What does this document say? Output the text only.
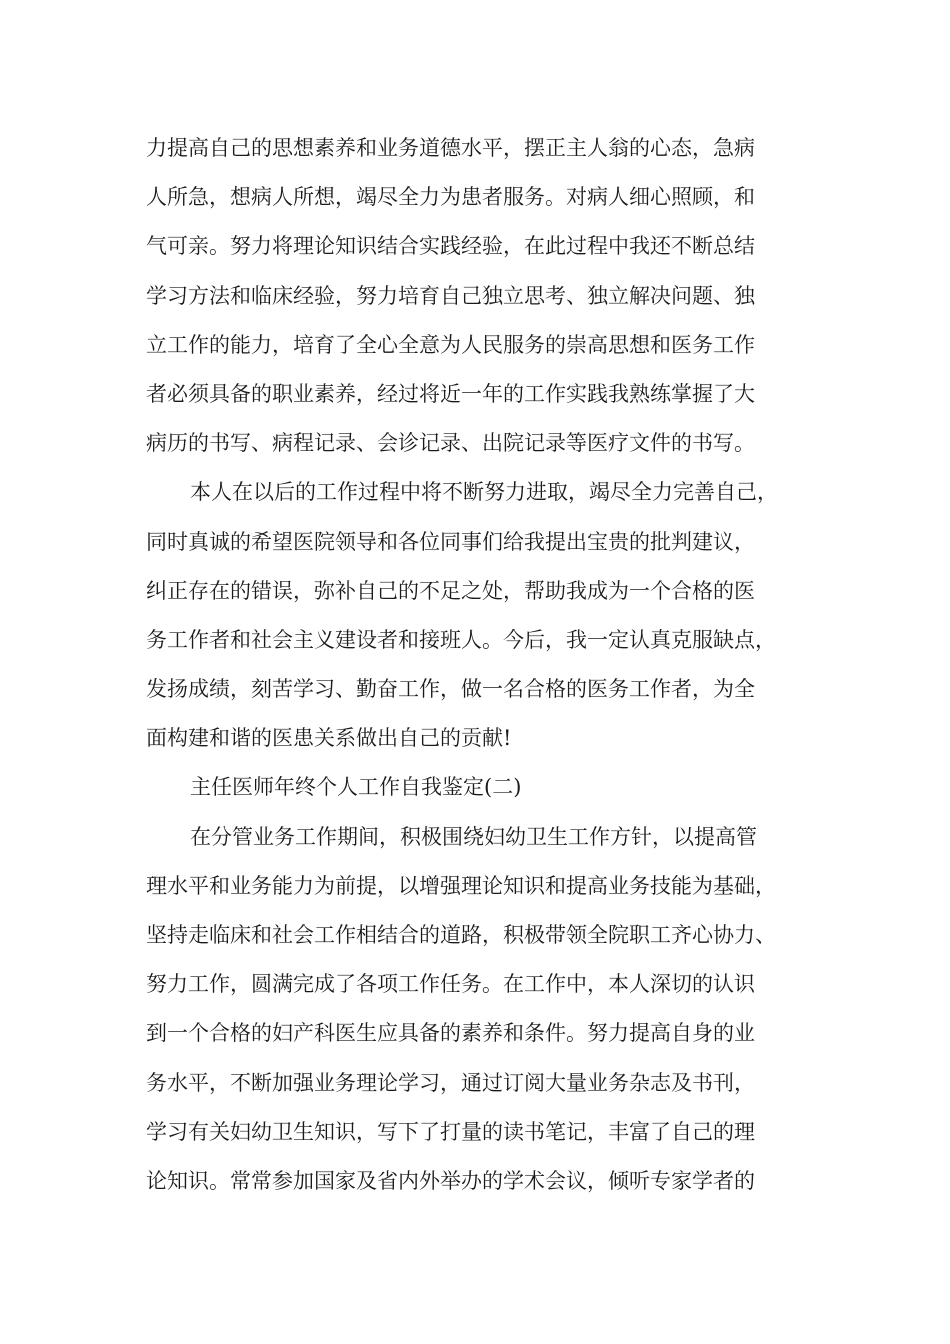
力提高自己的思想素养和业务道德水平，摆正主人翁的心态，急病
人所急，想病人所想，竭尽全力为患者服务。对病人细心照顾，和
气可亲。努力将理论知识结合实践经验，在此过程中我还不断总结
学习方法和临床经验，努力培育自己独立思考、独立解决问题、独
立工作的能力，培育了全心全意为人民服务的崇高思想和医务工作
者必须具备的职业素养，经过将近一年的工作实践我熟练掌握了大
病历的书写、病程记录、会诊记录、出院记录等医疗文件的书写。
本人在以后的工作过程中将不断努力进取，竭尽全力完善自己，
同时真诚的希望医院领导和各位同事们给我提出宝贵的批判建议，
纠正存在的错误，弥补自己的不足之处，帮助我成为一个合格的医
务工作者和社会主义建设者和接班人。今后，我一定认真克服缺点，
发扬成绩，刻苦学习、勤奋工作，做一名合格的医务工作者，为全
面构建和谐的医患关系做出自己的贡献!
主任医师年终个人工作自我鉴定(二)
在分管业务工作期间，积极围绕妇幼卫生工作方针，以提高管
理水平和业务能力为前提，以增强理论知识和提高业务技能为基础，
坚持走临床和社会工作相结合的道路，积极带领全院职工齐心协力、
努力工作，圆满完成了各项工作任务。在工作中，本人深切的认识
到一个合格的妇产科医生应具备的素养和条件。努力提高自身的业
务水平，不断加强业务理论学习，通过订阅大量业务杂志及书刊，
学习有关妇幼卫生知识，写下了打量的读书笔记，丰富了自己的理
论知识。常常参加国家及省内外举办的学术会议，倾听专家学者的
